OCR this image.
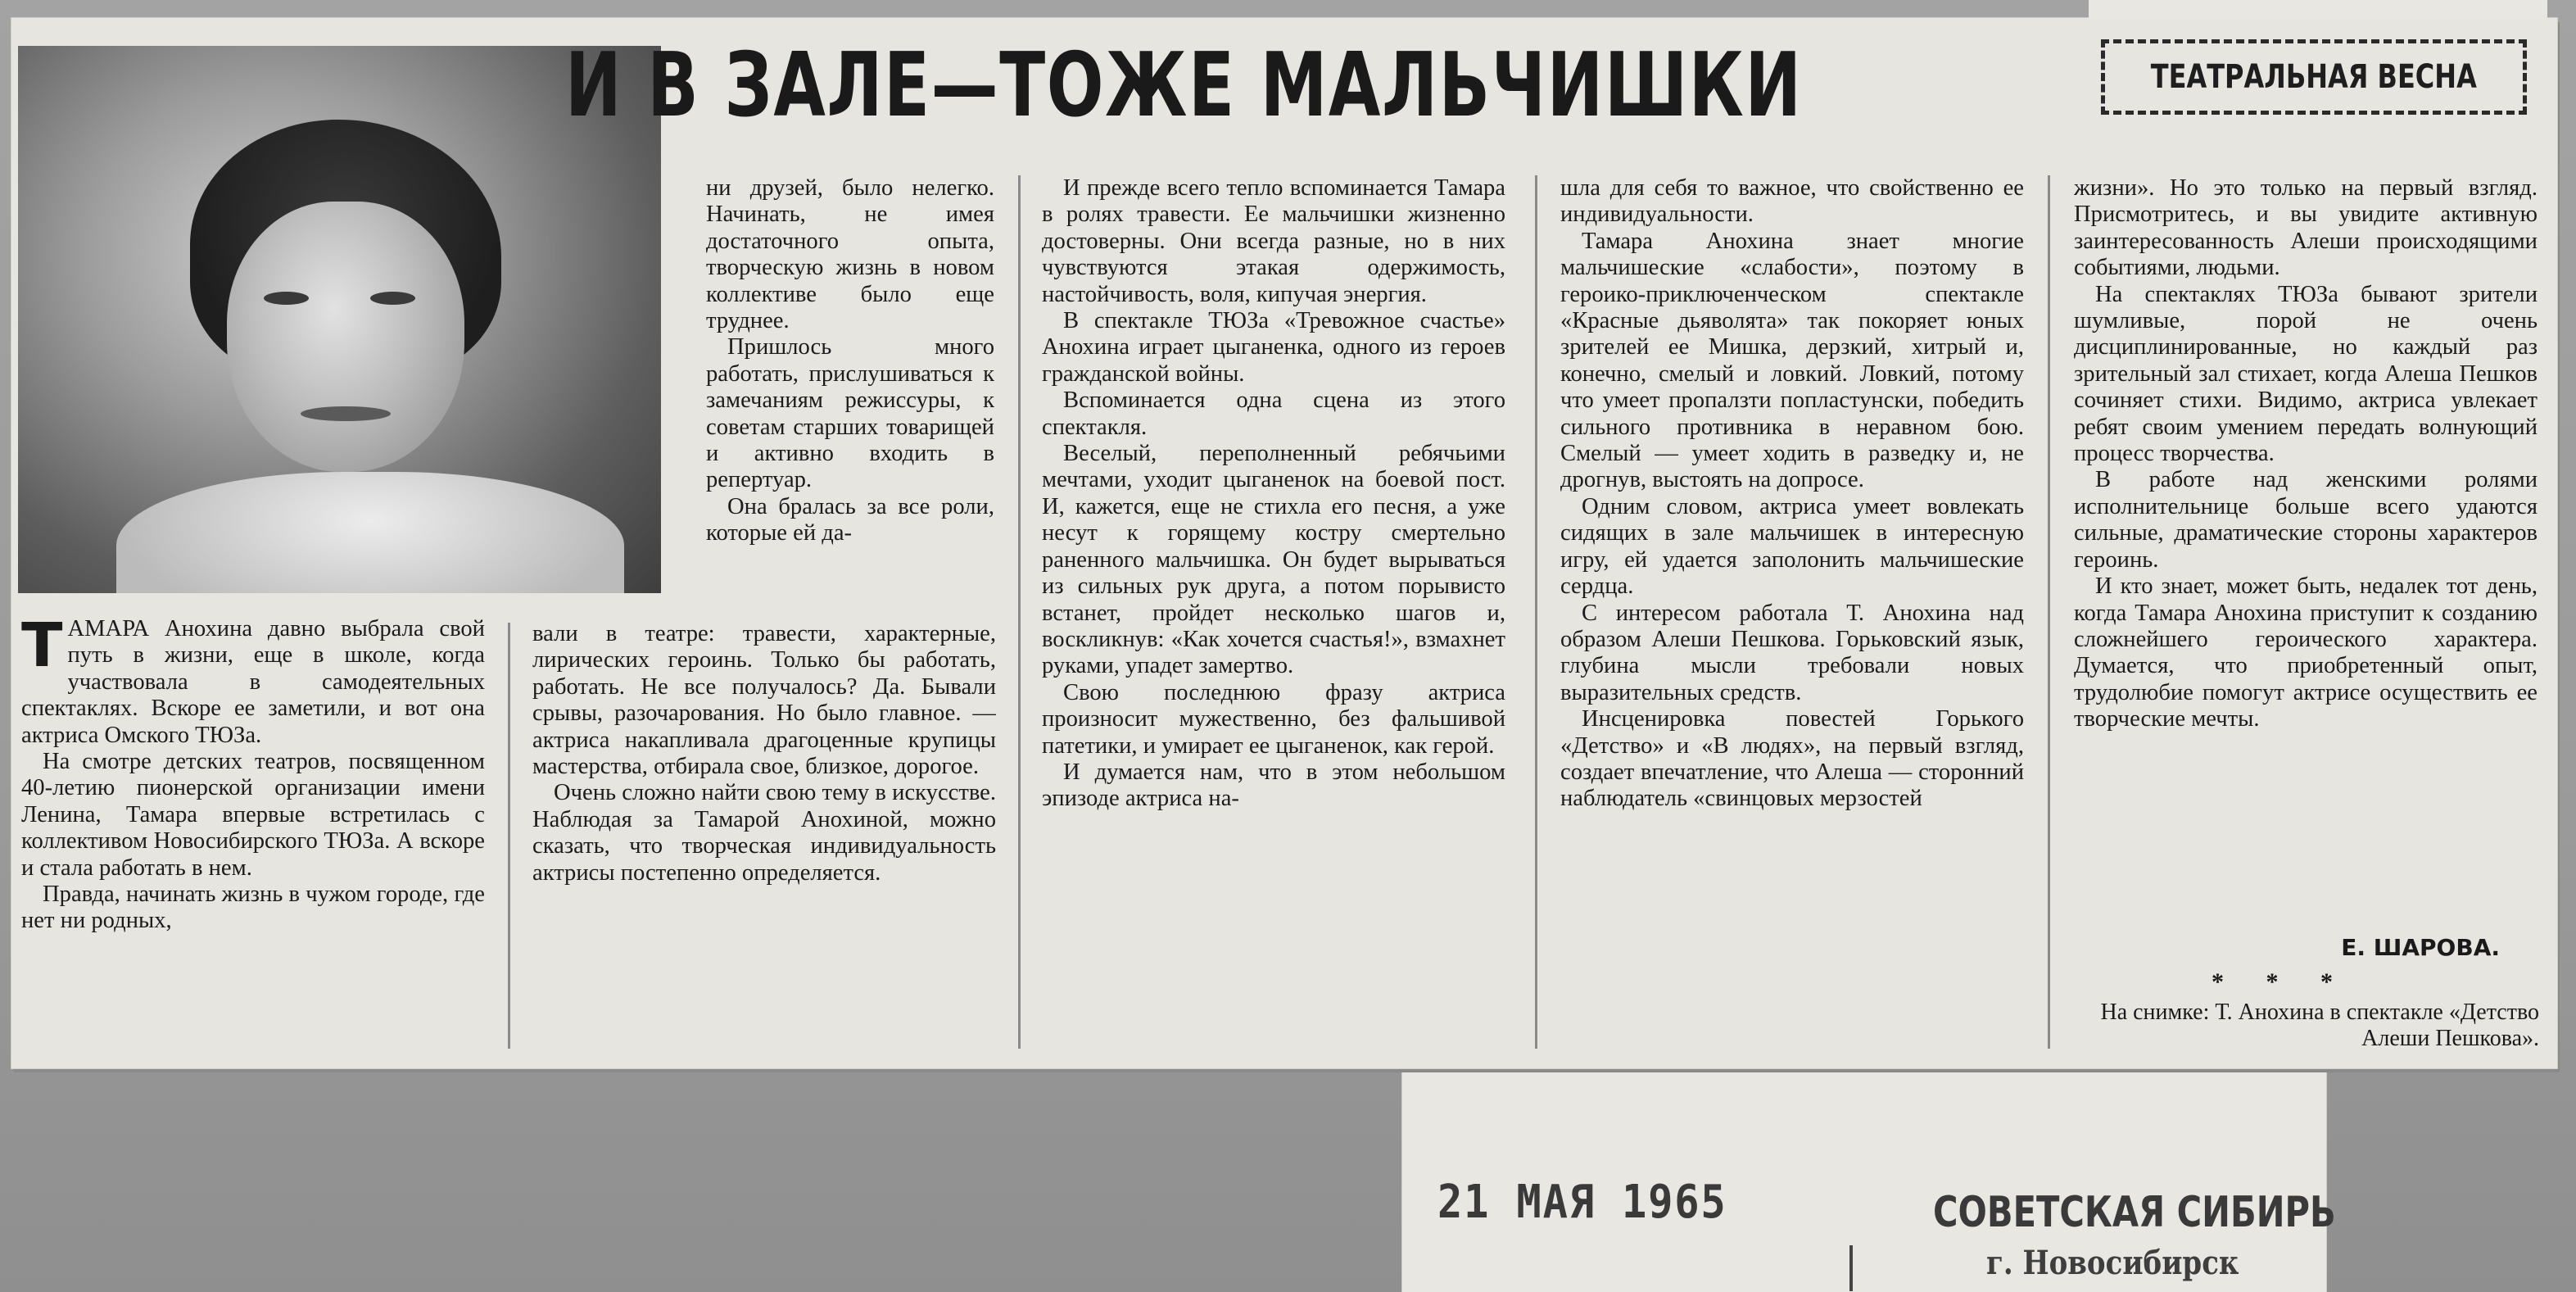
И В ЗАЛЕ—ТОЖЕ МАЛЬЧИШКИ	ТЕАТРАЛЬНАЯ ВЕСНА

ТАМАРА Анохина давно выбрала свой путь в жизни, еще в школе, когда участвовала в самодеятельных спектаклях. Вскоре ее заметили, и вот она актриса Омского ТЮЗа.

На смотре детских театров, посвященном 40-летию пионерской организации имени Ленина, Тамара впервые встретилась с коллективом Новосибирского ТЮЗа. А вскоре и стала работать в нем.

Правда, начинать жизнь в чужом городе, где нет ни родных,

ни друзей, было нелегко. Начинать, не имея достаточного опыта, творческую жизнь в новом коллективе было еще труднее.

Пришлось много работать, прислушиваться к замечаниям режиссуры, к советам старших товарищей и активно входить в репертуар.

Она бралась за все роли, которые ей да-

вали в театре: травести, характерные, лирических героинь. Только бы работать, работать. Не все получалось? Да. Бывали срывы, разочарования. Но было главное. — актриса накапливала драгоценные крупицы мастерства, отбирала свое, близкое, дорогое.

Очень сложно найти свою тему в искусстве. Наблюдая за Тамарой Анохиной, можно сказать, что творческая индивидуальность актрисы постепенно определяется.

И прежде всего тепло вспоминается Тамара в ролях травести. Ее мальчишки жизненно достоверны. Они всегда разные, но в них чувствуются этакая одержимость, настойчивость, воля, кипучая энергия.

В спектакле ТЮЗа «Тревожное счастье» Анохина играет цыганенка, одного из героев гражданской войны.

Вспоминается одна сцена из этого спектакля.

Веселый, переполненный ребячьими мечтами, уходит цыганенок на боевой пост. И, кажется, еще не стихла его песня, а уже несут к горящему костру смертельно раненного мальчишка. Он будет вырываться из сильных рук друга, а потом порывисто встанет, пройдет несколько шагов и, воскликнув: «Как хочется счастья!», взмахнет руками, упадет замертво.

Свою последнюю фразу актриса произносит мужественно, без фальшивой патетики, и умирает ее цыганенок, как герой.

И думается нам, что в этом небольшом эпизоде актриса на-

шла для себя то важное, что свойственно ее индивидуальности.

Тамара Анохина знает многие мальчишеские «слабости», поэтому в героико-приключенческом спектакле «Красные дьяволята» так покоряет юных зрителей ее Мишка, дерзкий, хитрый и, конечно, смелый и ловкий. Ловкий, потому что умеет пропалзти попластунски, победить сильного противника в неравном бою. Смелый — умеет ходить в разведку и, не дрогнув, выстоять на допросе.

Одним словом, актриса умеет вовлекать сидящих в зале мальчишек в интересную игру, ей удается заполонить мальчишеские сердца.

С интересом работала Т. Анохина над образом Алеши Пешкова. Горьковский язык, глубина мысли требовали новых выразительных средств.

Инсценировка повестей Горького «Детство» и «В людях», на первый взгляд, создает впечатление, что Алеша — сторонний наблюдатель «свинцовых мерзостей

жизни». Но это только на первый взгляд. Присмотритесь, и вы увидите активную заинтересованность Алеши происходящими событиями, людьми.

На спектаклях ТЮЗа бывают зрители шумливые, порой не очень дисциплинированные, но каждый раз зрительный зал стихает, когда Алеша Пешков сочиняет стихи. Видимо, актриса увлекает ребят своим умением передать волнующий процесс творчества.

В работе над женскими ролями исполнительнице больше всего удаются сильные, драматические стороны характеров героинь.

И кто знает, может быть, недалек тот день, когда Тамара Анохина приступит к созданию сложнейшего героического характера. Думается, что приобретенный опыт, трудолюбие помогут актрисе осуществить ее творческие мечты.

Е. ШАРОВА.
* * *
На снимке: Т. Анохина в спектакле «Детство Алеши Пешкова».
21 МАЯ 1965	СОВЕТСКАЯ СИБИРЬ
г. Новосибирск
